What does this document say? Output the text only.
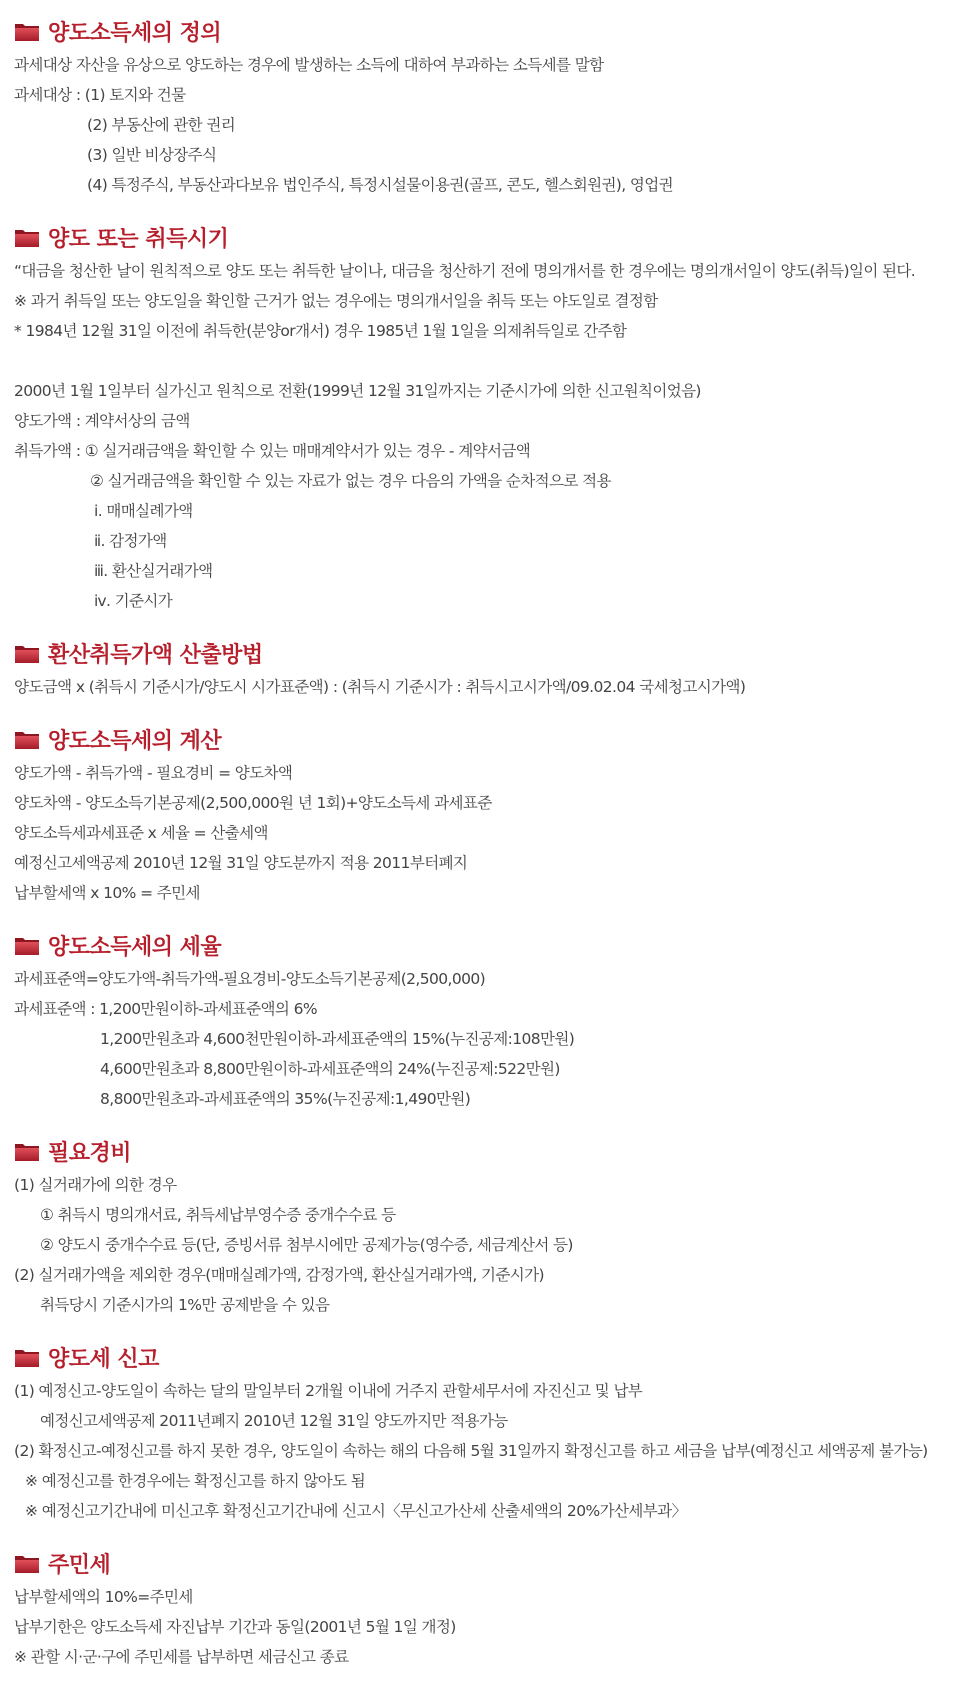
양도소득세의 정의
과세대상 자산을 유상으로 양도하는 경우에 발생하는 소득에 대하여 부과하는 소득세를 말함
과세대상 : (1) 토지와 건물
(2) 부동산에 관한 권리
(3) 일반 비상장주식
(4) 특정주식, 부동산과다보유 법인주식, 특정시설물이용권(골프, 콘도, 헬스회원권), 영업권
양도 또는 취득시기
“대금을 청산한 날이 원칙적으로 양도 또는 취득한 날이나, 대금을 청산하기 전에 명의개서를 한 경우에는 명의개서일이 양도(취득)일이 된다.
※ 과거 취득일 또는 양도일을 확인할 근거가 없는 경우에는 명의개서일을 취득 또는 야도일로 결정함
* 1984년 12월 31일 이전에 취득한(분양or개서) 경우 1985년 1월 1일을 의제취득일로 간주함
2000년 1월 1일부터 실가신고 원칙으로 전환(1999년 12월 31일까지는 기준시가에 의한 신고원칙이었음)
양도가액 : 계약서상의 금액
취득가액 : ① 실거래금액을 확인할 수 있는 매매계약서가 있는 경우 - 계약서금액
② 실거래금액을 확인할 수 있는 자료가 없는 경우 다음의 가액을 순차적으로 적용
ⅰ. 매매실례가액
ⅱ. 감정가액
ⅲ. 환산실거래가액
ⅳ. 기준시가
환산취득가액 산출방법
양도금액 x (취득시 기준시가/양도시 시가표준액) : (취득시 기준시가 : 취득시고시가액/09.02.04 국세청고시가액)
양도소득세의 계산
양도가액 - 취득가액 - 필요경비 = 양도차액
양도차액 - 양도소득기본공제(2,500,000원 년 1회)+양도소득세 과세표준
양도소득세과세표준 x 세율 = 산출세액
예정신고세액공제 2010년 12월 31일 양도분까지 적용 2011부터폐지
납부할세액 x 10% = 주민세
양도소득세의 세율
과세표준액=양도가액-취득가액-필요경비-양도소득기본공제(2,500,000)
과세표준액 : 1,200만원이하-과세표준액의 6%
1,200만원초과 4,600천만원이하-과세표준액의 15%(누진공제:108만원)
4,600만원초과 8,800만원이하-과세표준액의 24%(누진공제:522만원)
8,800만원초과-과세표준액의 35%(누진공제:1,490만원)
필요경비
(1) 실거래가에 의한 경우
① 취득시 명의개서료, 취득세납부영수증 중개수수료 등
② 양도시 중개수수료 등(단, 증빙서류 첨부시에만 공제가능(영수증, 세금계산서 등)
(2) 실거래가액을 제외한 경우(매매실례가액, 감정가액, 환산실거래가액, 기준시가)
취득당시 기준시가의 1%만 공제받을 수 있음
양도세 신고
(1) 예정신고-양도일이 속하는 달의 말일부터 2개월 이내에 거주지 관할세무서에 자진신고 및 납부
예정신고세액공제 2011년폐지 2010년 12월 31일 양도까지만 적용가능
(2) 확정신고-예정신고를 하지 못한 경우, 양도일이 속하는 해의 다음해 5월 31일까지 확정신고를 하고 세금을 납부(예정신고 세액공제 불가능)
※ 예정신고를 한경우에는 확정신고를 하지 않아도 됨
※ 예정신고기간내에 미신고후 확정신고기간내에 신고시〈무신고가산세 산출세액의 20%가산세부과〉
주민세
납부할세액의 10%=주민세
납부기한은 양도소득세 자진납부 기간과 동일(2001년 5월 1일 개정)
※ 관할 시·군·구에 주민세를 납부하면 세금신고 종료
